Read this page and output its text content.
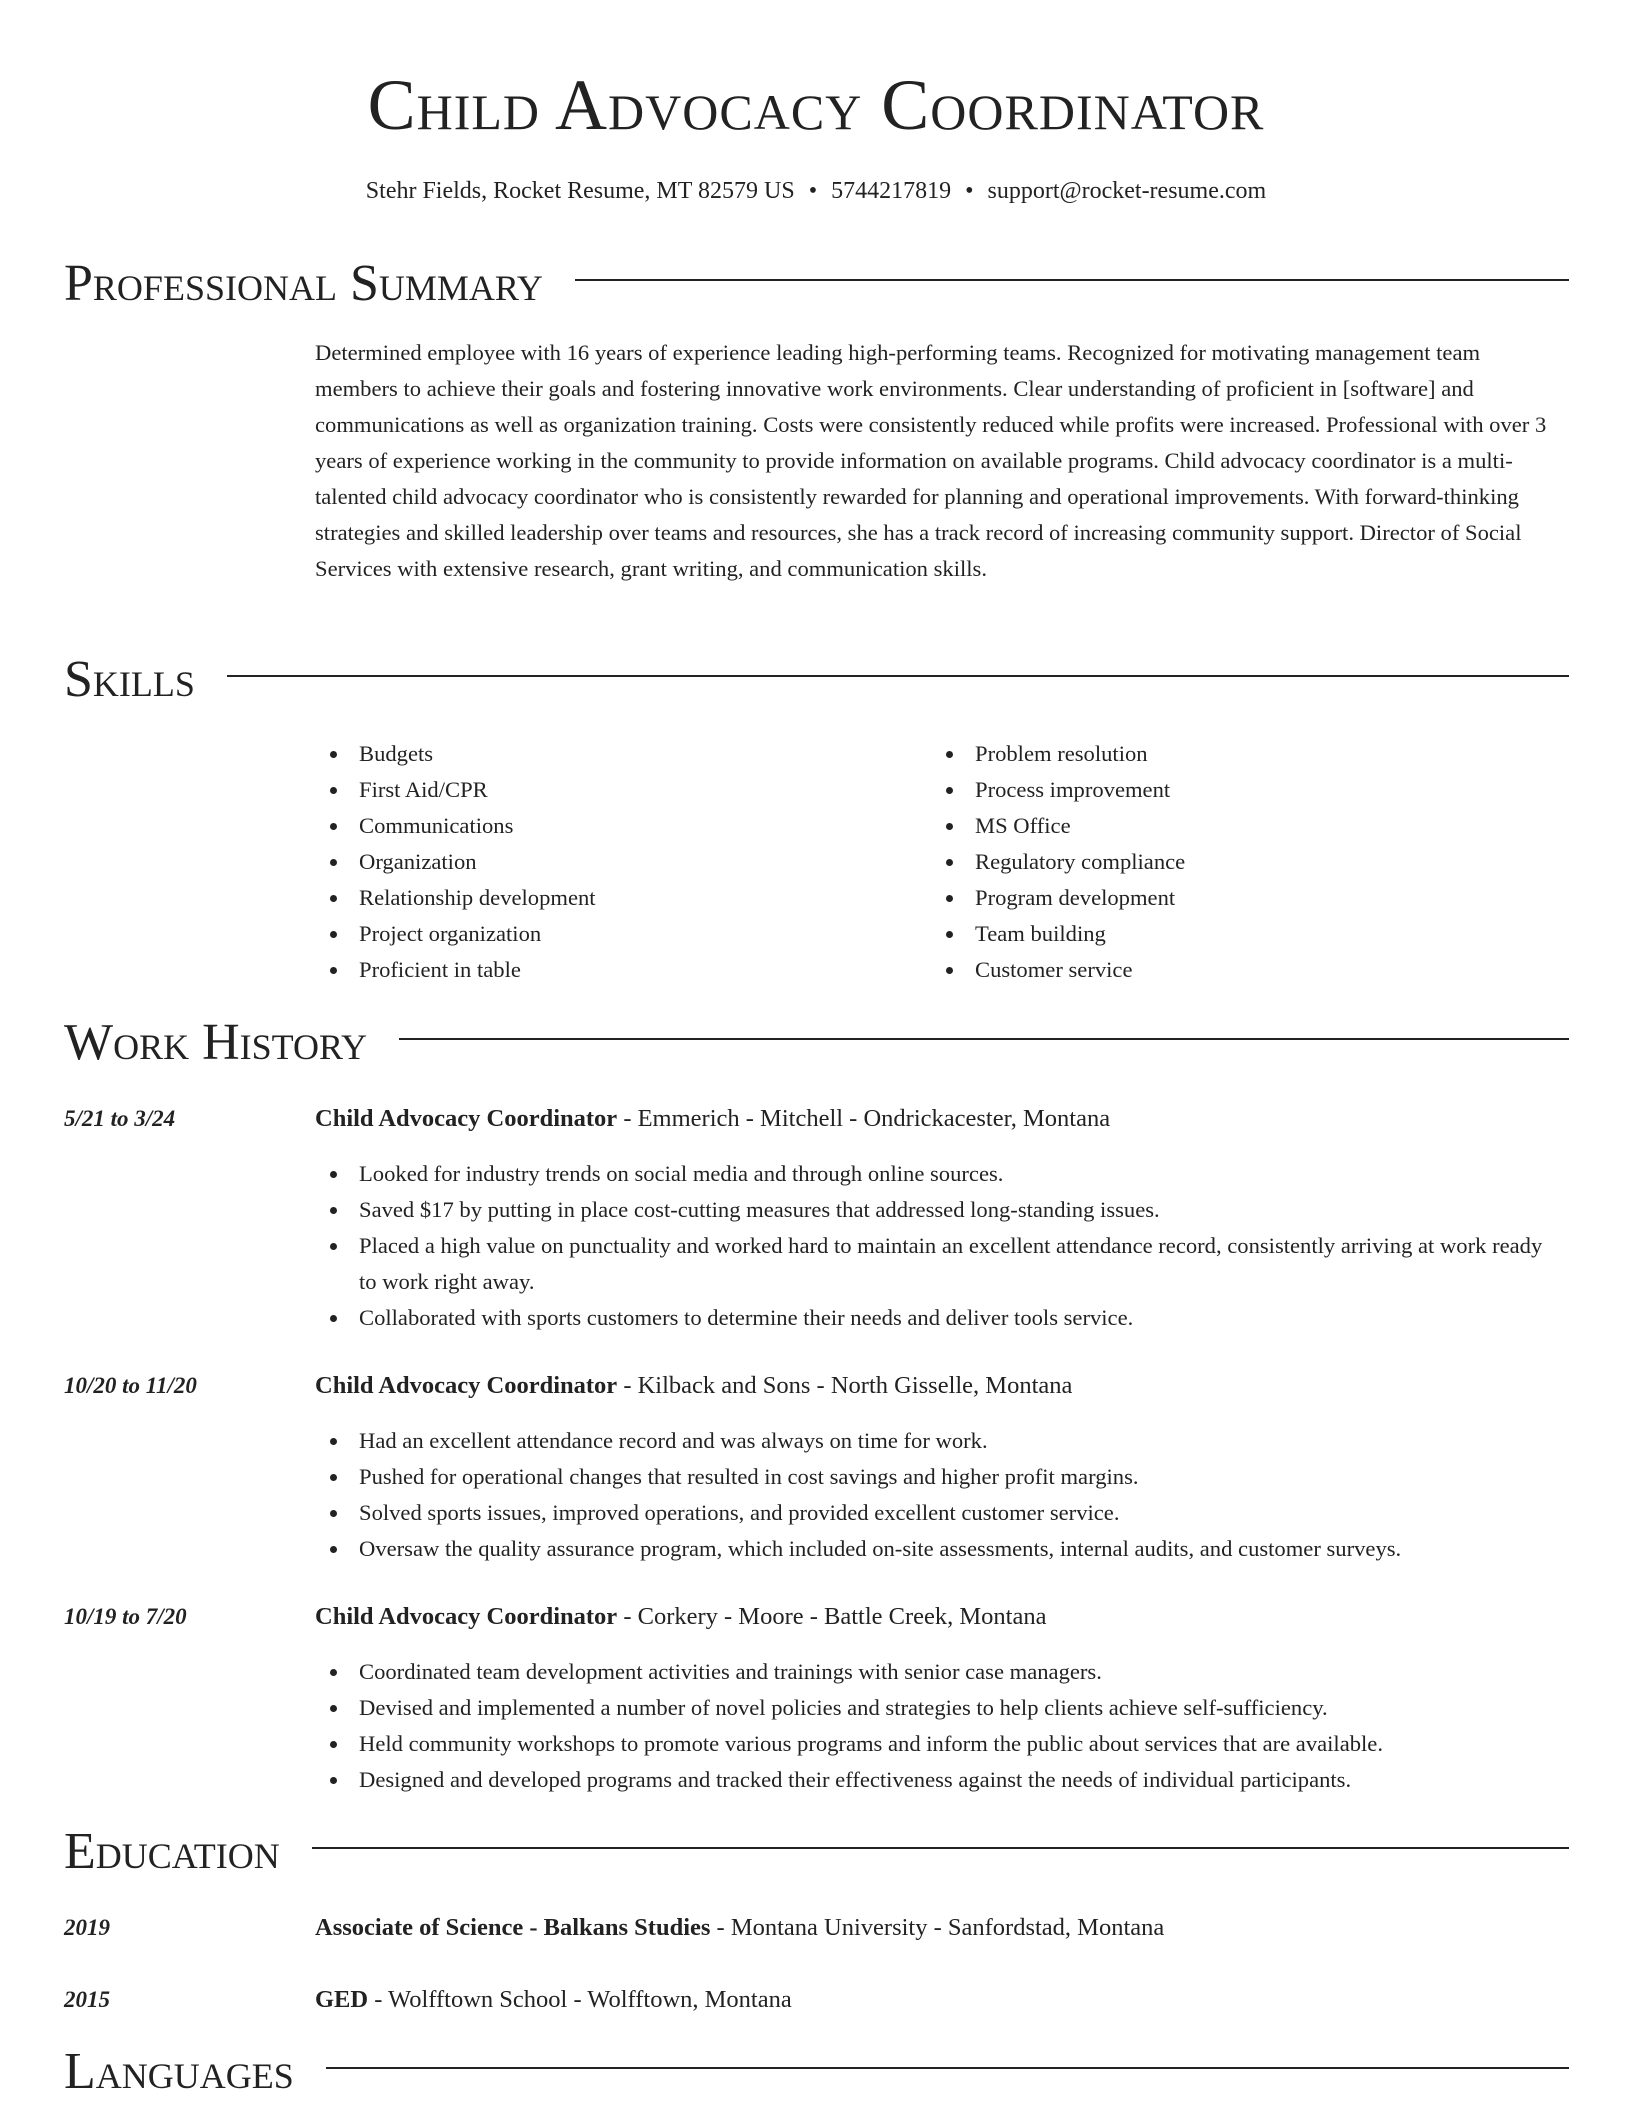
Child Advocacy Coordinator
Stehr Fields, Rocket Resume, MT 82579 US • 5744217819 • support@rocket-resume.com
Professional Summary

Determined employee with 16 years of experience leading high-performing teams. Recognized for motivating management team members to achieve their goals and fostering innovative work environments. Clear understanding of proficient in [software] and communications as well as organization training. Costs were consistently reduced while profits were increased. Professional with over 3 years of experience working in the community to provide information on available programs. Child advocacy coordinator is a multi-talented child advocacy coordinator who is consistently rewarded for planning and operational improvements. With forward-thinking strategies and skilled leadership over teams and resources, she has a track record of increasing community support. Director of Social Services with extensive research, grant writing, and communication skills.

Skills
Budgets
First Aid/CPR
Communications
Organization
Relationship development
Project organization
Proficient in table
Problem resolution
Process improvement
MS Office
Regulatory compliance
Program development
Team building
Customer service
Work History
5/21 to 3/24	Child Advocacy Coordinator - Emmerich - Mitchell - Ondrickacester, Montana
Looked for industry trends on social media and through online sources.
Saved $17 by putting in place cost-cutting measures that addressed long-standing issues.
Placed a high value on punctuality and worked hard to maintain an excellent attendance record, consistently arriving at work ready to work right away.
Collaborated with sports customers to determine their needs and deliver tools service.
10/20 to 11/20	Child Advocacy Coordinator - Kilback and Sons - North Gisselle, Montana
Had an excellent attendance record and was always on time for work.
Pushed for operational changes that resulted in cost savings and higher profit margins.
Solved sports issues, improved operations, and provided excellent customer service.
Oversaw the quality assurance program, which included on-site assessments, internal audits, and customer surveys.
10/19 to 7/20	Child Advocacy Coordinator - Corkery - Moore - Battle Creek, Montana
Coordinated team development activities and trainings with senior case managers.
Devised and implemented a number of novel policies and strategies to help clients achieve self-sufficiency.
Held community workshops to promote various programs and inform the public about services that are available.
Designed and developed programs and tracked their effectiveness against the needs of individual participants.
Education
2019	Associate of Science - Balkans Studies - Montana University - Sanfordstad, Montana
2015	GED - Wolfftown School - Wolfftown, Montana
Languages
